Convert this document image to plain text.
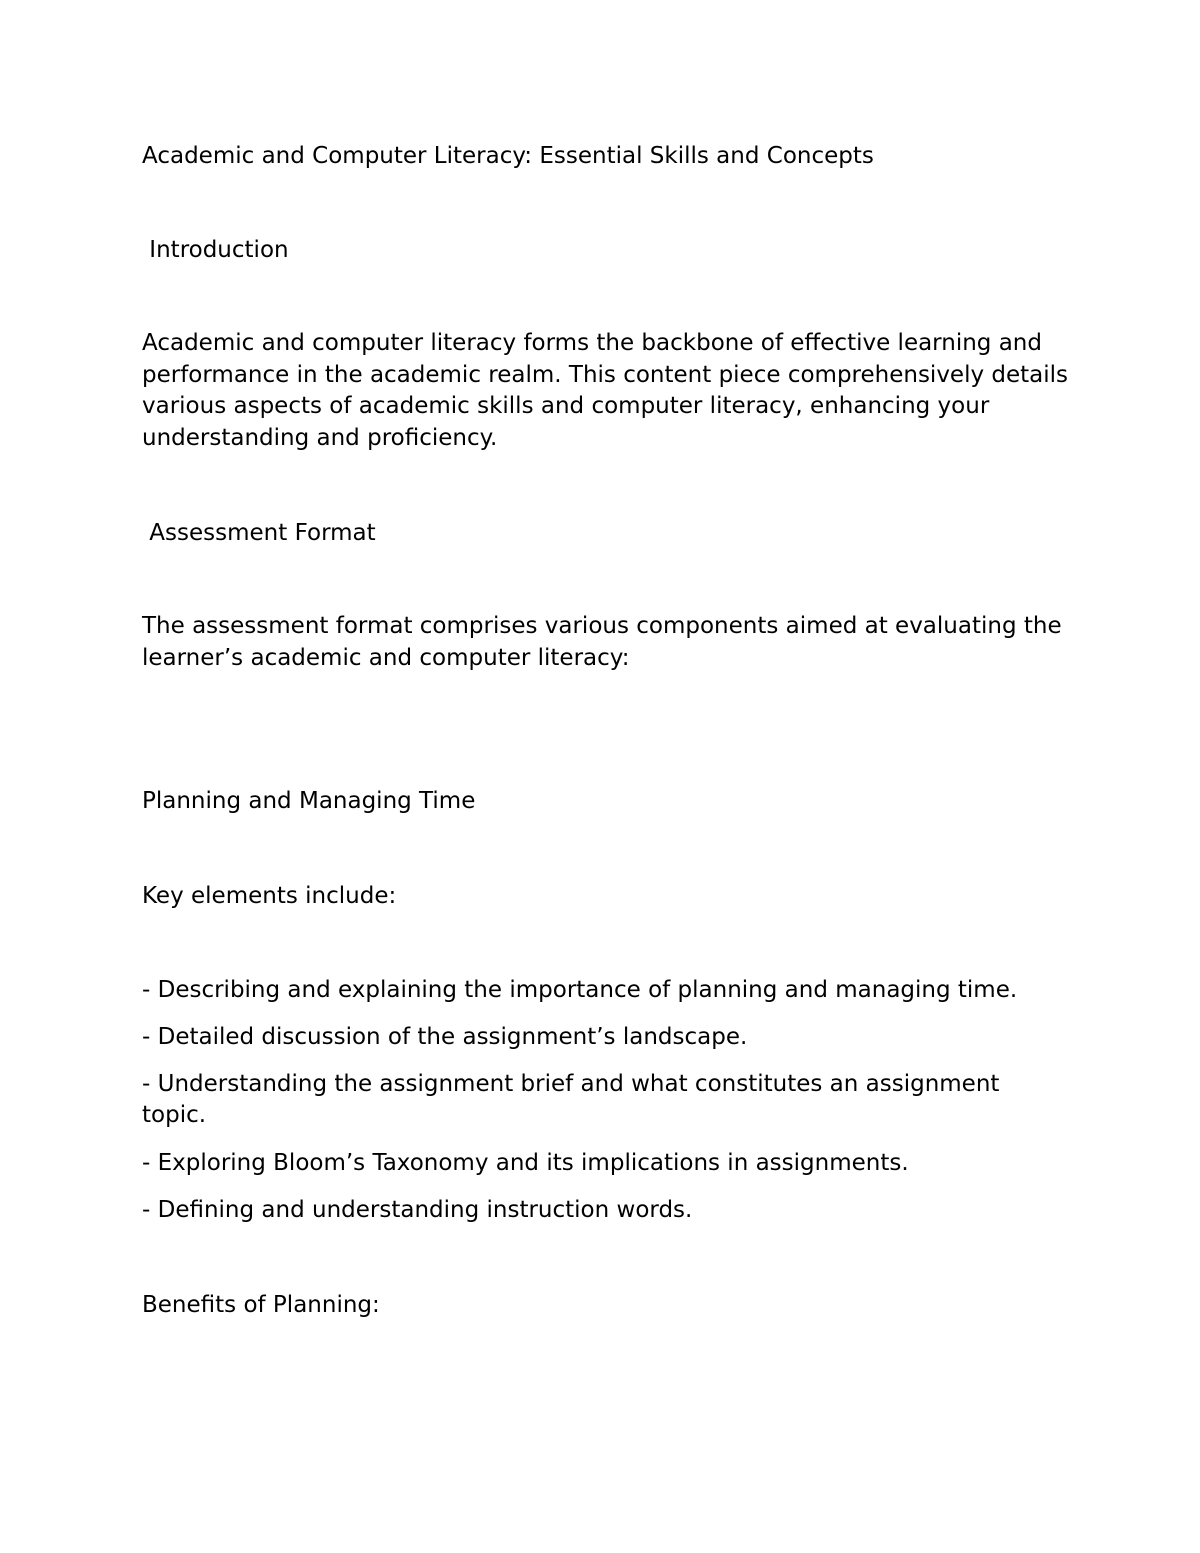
Academic and Computer Literacy: Essential Skills and Concepts

Introduction

Academic and computer literacy forms the backbone of effective learning and performance in the academic realm. This content piece comprehensively details various aspects of academic skills and computer literacy, enhancing your understanding and proficiency.

Assessment Format

The assessment format comprises various components aimed at evaluating the learner’s academic and computer literacy:

Planning and Managing Time

Key elements include:

- Describing and explaining the importance of planning and managing time.

- Detailed discussion of the assignment’s landscape.

- Understanding the assignment brief and what constitutes an assignment topic.

- Exploring Bloom’s Taxonomy and its implications in assignments.

- Defining and understanding instruction words.

Benefits of Planning:
